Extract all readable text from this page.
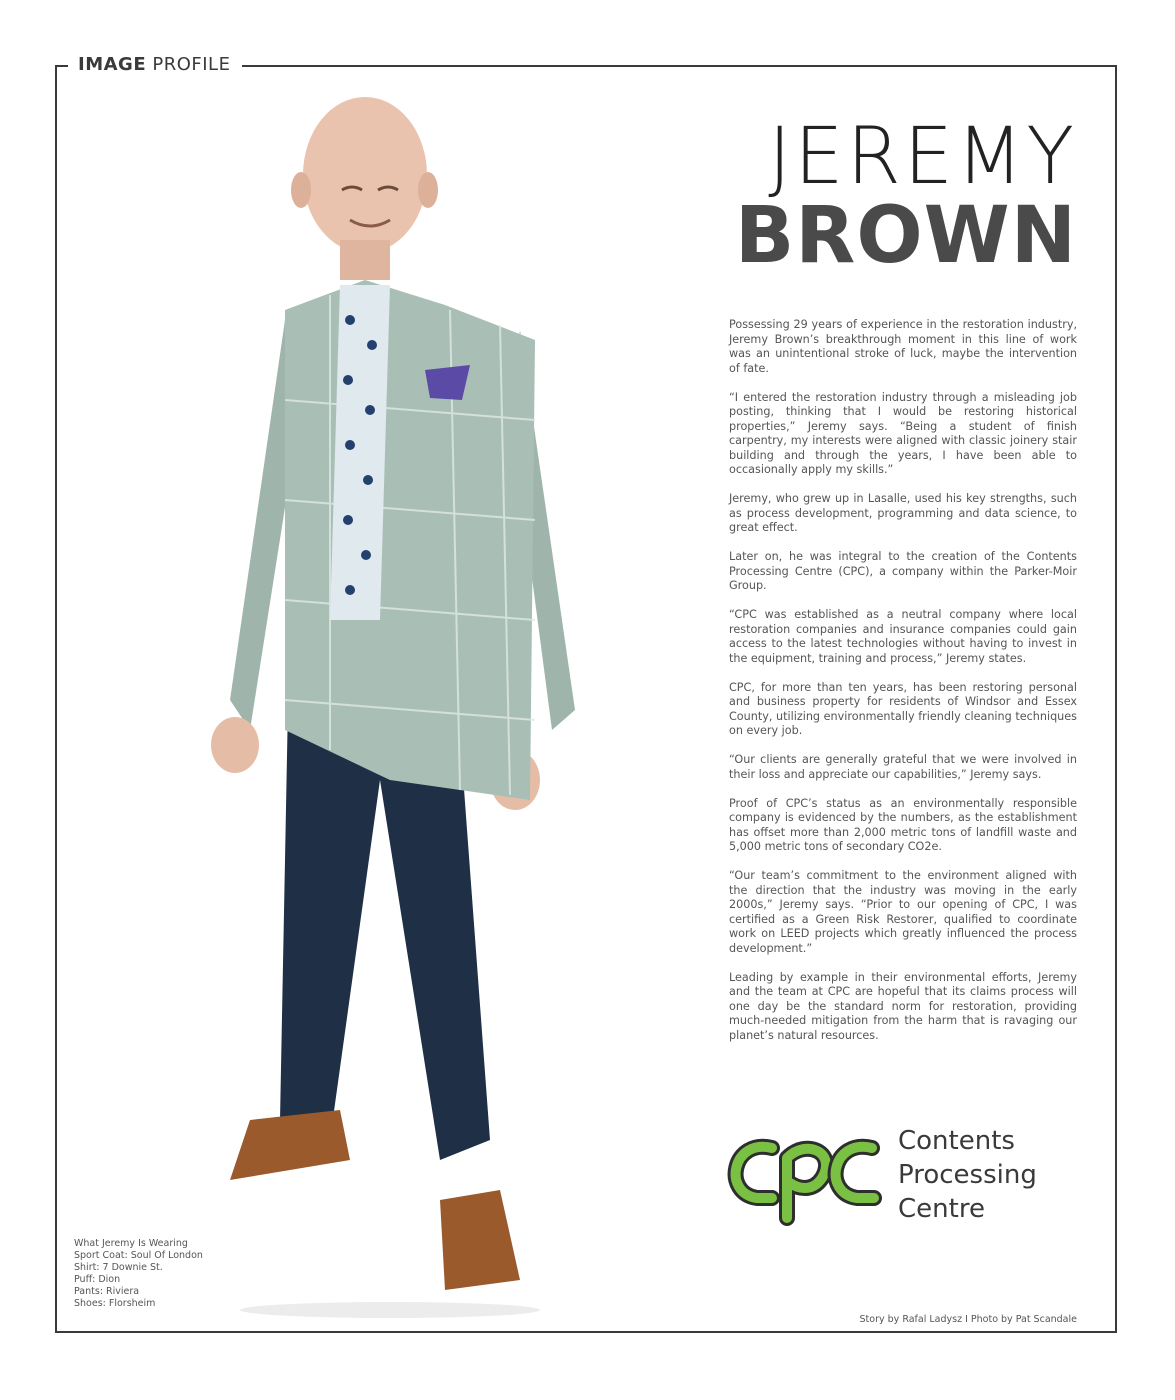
IMAGE PROFILE
JEREMY
BROWN

Possessing 29 years of experience in the restoration industry, Jeremy Brown’s breakthrough moment in this line of work was an unintentional stroke of luck, maybe the intervention of fate.

“I entered the restoration industry through a misleading job posting, thinking that I would be restoring historical properties,” Jeremy says. “Being a student of finish carpentry, my interests were aligned with classic joinery stair building and through the years, I have been able to occasionally apply my skills.”

Jeremy, who grew up in Lasalle, used his key strengths, such as process development, programming and data science, to great effect.

Later on, he was integral to the creation of the Contents Processing Centre (CPC), a company within the Parker-Moir Group.

“CPC was established as a neutral company where local restoration companies and insurance companies could gain access to the latest technologies without having to invest in the equipment, training and process,” Jeremy states.

CPC, for more than ten years, has been restoring personal and business property for residents of Windsor and Essex County, utilizing environmentally friendly cleaning techniques on every job.

“Our clients are generally grateful that we were involved in their loss and appreciate our capabilities,” Jeremy says.

Proof of CPC’s status as an environmentally responsible company is evidenced by the numbers, as the establishment has offset more than 2,000 metric tons of landfill waste and 5,000 metric tons of secondary CO2e.

“Our team’s commitment to the environment aligned with the direction that the industry was moving in the early 2000s,” Jeremy says. “Prior to our opening of CPC, I was certified as a Green Risk Restorer, qualified to coordinate work on LEED projects which greatly influenced the process development.”

Leading by example in their environmental efforts, Jeremy and the team at CPC are hopeful that its claims process will one day be the standard norm for restoration, providing much-needed mitigation from the harm that is ravaging our planet’s natural resources.

Contents
Processing
Centre
What Jeremy Is Wearing
Sport Coat: Soul Of London
Shirt: 7 Downie St.
Puff: Dion
Pants: Riviera
Shoes: Florsheim
Story by Rafal Ladysz I Photo by Pat Scandale
